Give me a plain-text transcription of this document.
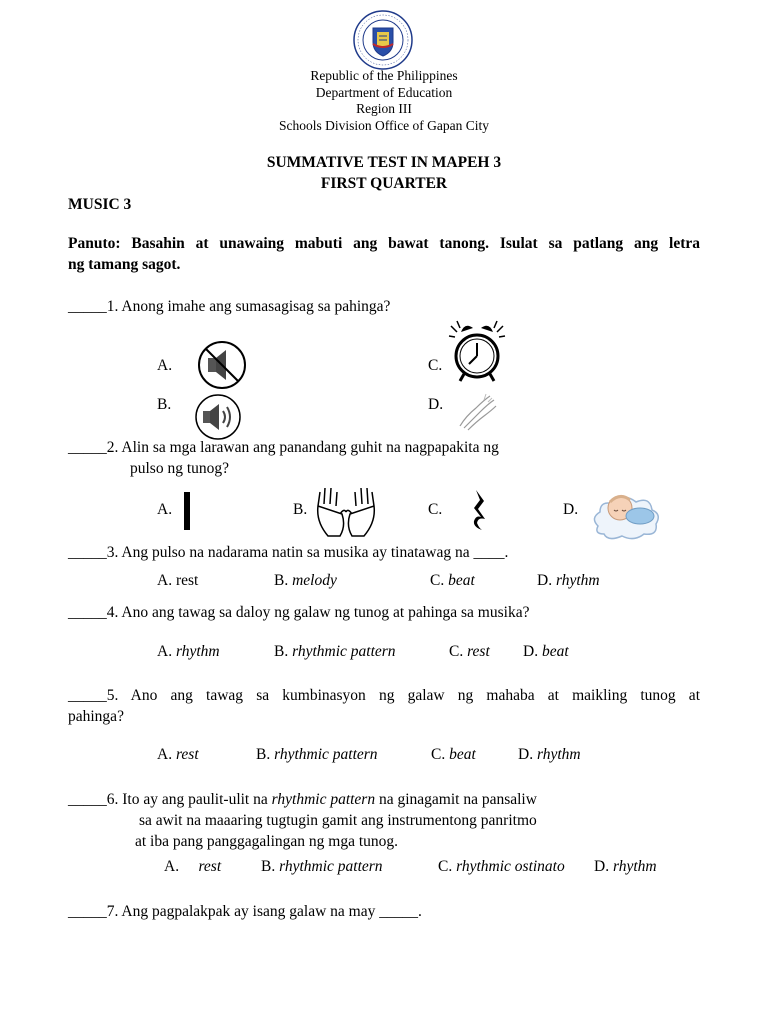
Republic of the Philippines
Department of Education
Region III
Schools Division Office of Gapan City
SUMMATIVE TEST IN MAPEH 3
FIRST QUARTER
MUSIC 3
Panuto: Basahin at unawaing mabuti ang bawat tanong. Isulat sa patlang ang letra
ng tamang sagot.
_____1. Anong imahe ang sumasagisag sa pahinga?
A.	C.
B.	D.
_____2. Alin sa mga larawan ang panandang guhit na nagpapakita ng
pulso ng tunog?
A.	B.	C.	D.
_____3. Ang pulso na nadarama natin sa musika ay tinatawag na ____.
A. rest	B. melody	C. beat	D. rhythm
_____4. Ano ang tawag sa daloy ng galaw ng tunog at pahinga sa musika?
A. rhythm	B. rhythmic pattern	C. rest D. beat
_____5. Ano ang tawag sa kumbinasyon ng galaw ng mahaba at maikling tunog at
pahinga?
A. rest	B. rhythmic pattern	C. beat	D. rhythm
_____6. Ito ay ang paulit-ulit na rhythmic pattern na ginagamit na pansaliw
sa awit na maaaring tugtugin gamit ang instrumentong panritmo
at iba pang panggagalingan ng mga tunog.
A. rest	B. rhythmic pattern	C. rhythmic ostinato D. rhythm
_____7. Ang pagpalakpak ay isang galaw na may _____.
